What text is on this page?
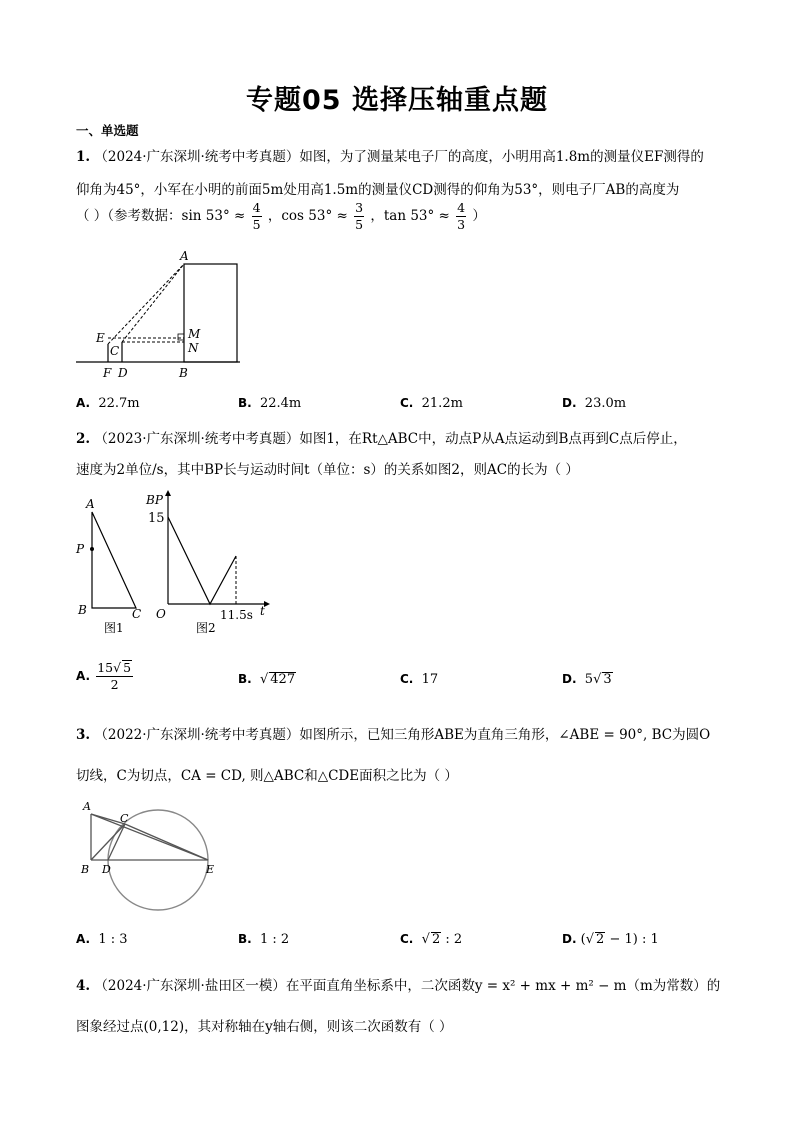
专题05 选择压轴重点题
一、单选题
1. （2024·广东深圳·统考中考真题）如图，为了测量某电子厂的高度，小明用高1.8m的测量仪EF测得的
仰角为45°，小军在小明的前面5m处用高1.5m的测量仪CD测得的仰角为53°，则电子厂AB的高度为
（ ）（参考数据：$\sin 53^\circ \approx \frac{4}{5}$ ，$\cos 53^\circ \approx \frac{3}{5}$ ，$\tan 53^\circ \approx \frac{4}{3}$ ）
A
E
C
M
N
F D	B
A. 22.7m	B. 22.4m	C. 21.2m	D. 23.0m
2. （2023·广东深圳·统考中考真题）如图1，在Rt△ABC中，动点P从A点运动到B点再到C点后停止，
速度为2单位/s，其中BP长与运动时间t（单位：s）的关系如图2，则AC的长为（ ）
A
P
B	C
图1
BP
15
O	11.5s t
图2
A. $\frac{15√ 5}{2}$	B.  √ 427	C. 17	D. 5√ 3
3. （2022·广东深圳·统考中考真题）如图所示，已知三角形ABE为直角三角形，∠ABE = 90°, BC为圆O
切线，C为切点，CA = CD, 则△ABC和△CDE面积之比为（ ）
A
C
B D	E
A. 1 : 3	B. 1 : 2	C.  √ 2 : 2	D. (√ 2 − 1) : 1
4. （2024·广东深圳·盐田区一模）在平面直角坐标系中，二次函数y = x² + mx + m² − m（m为常数）的
图象经过点(0,12)，其对称轴在y轴右侧，则该二次函数有（ ）
